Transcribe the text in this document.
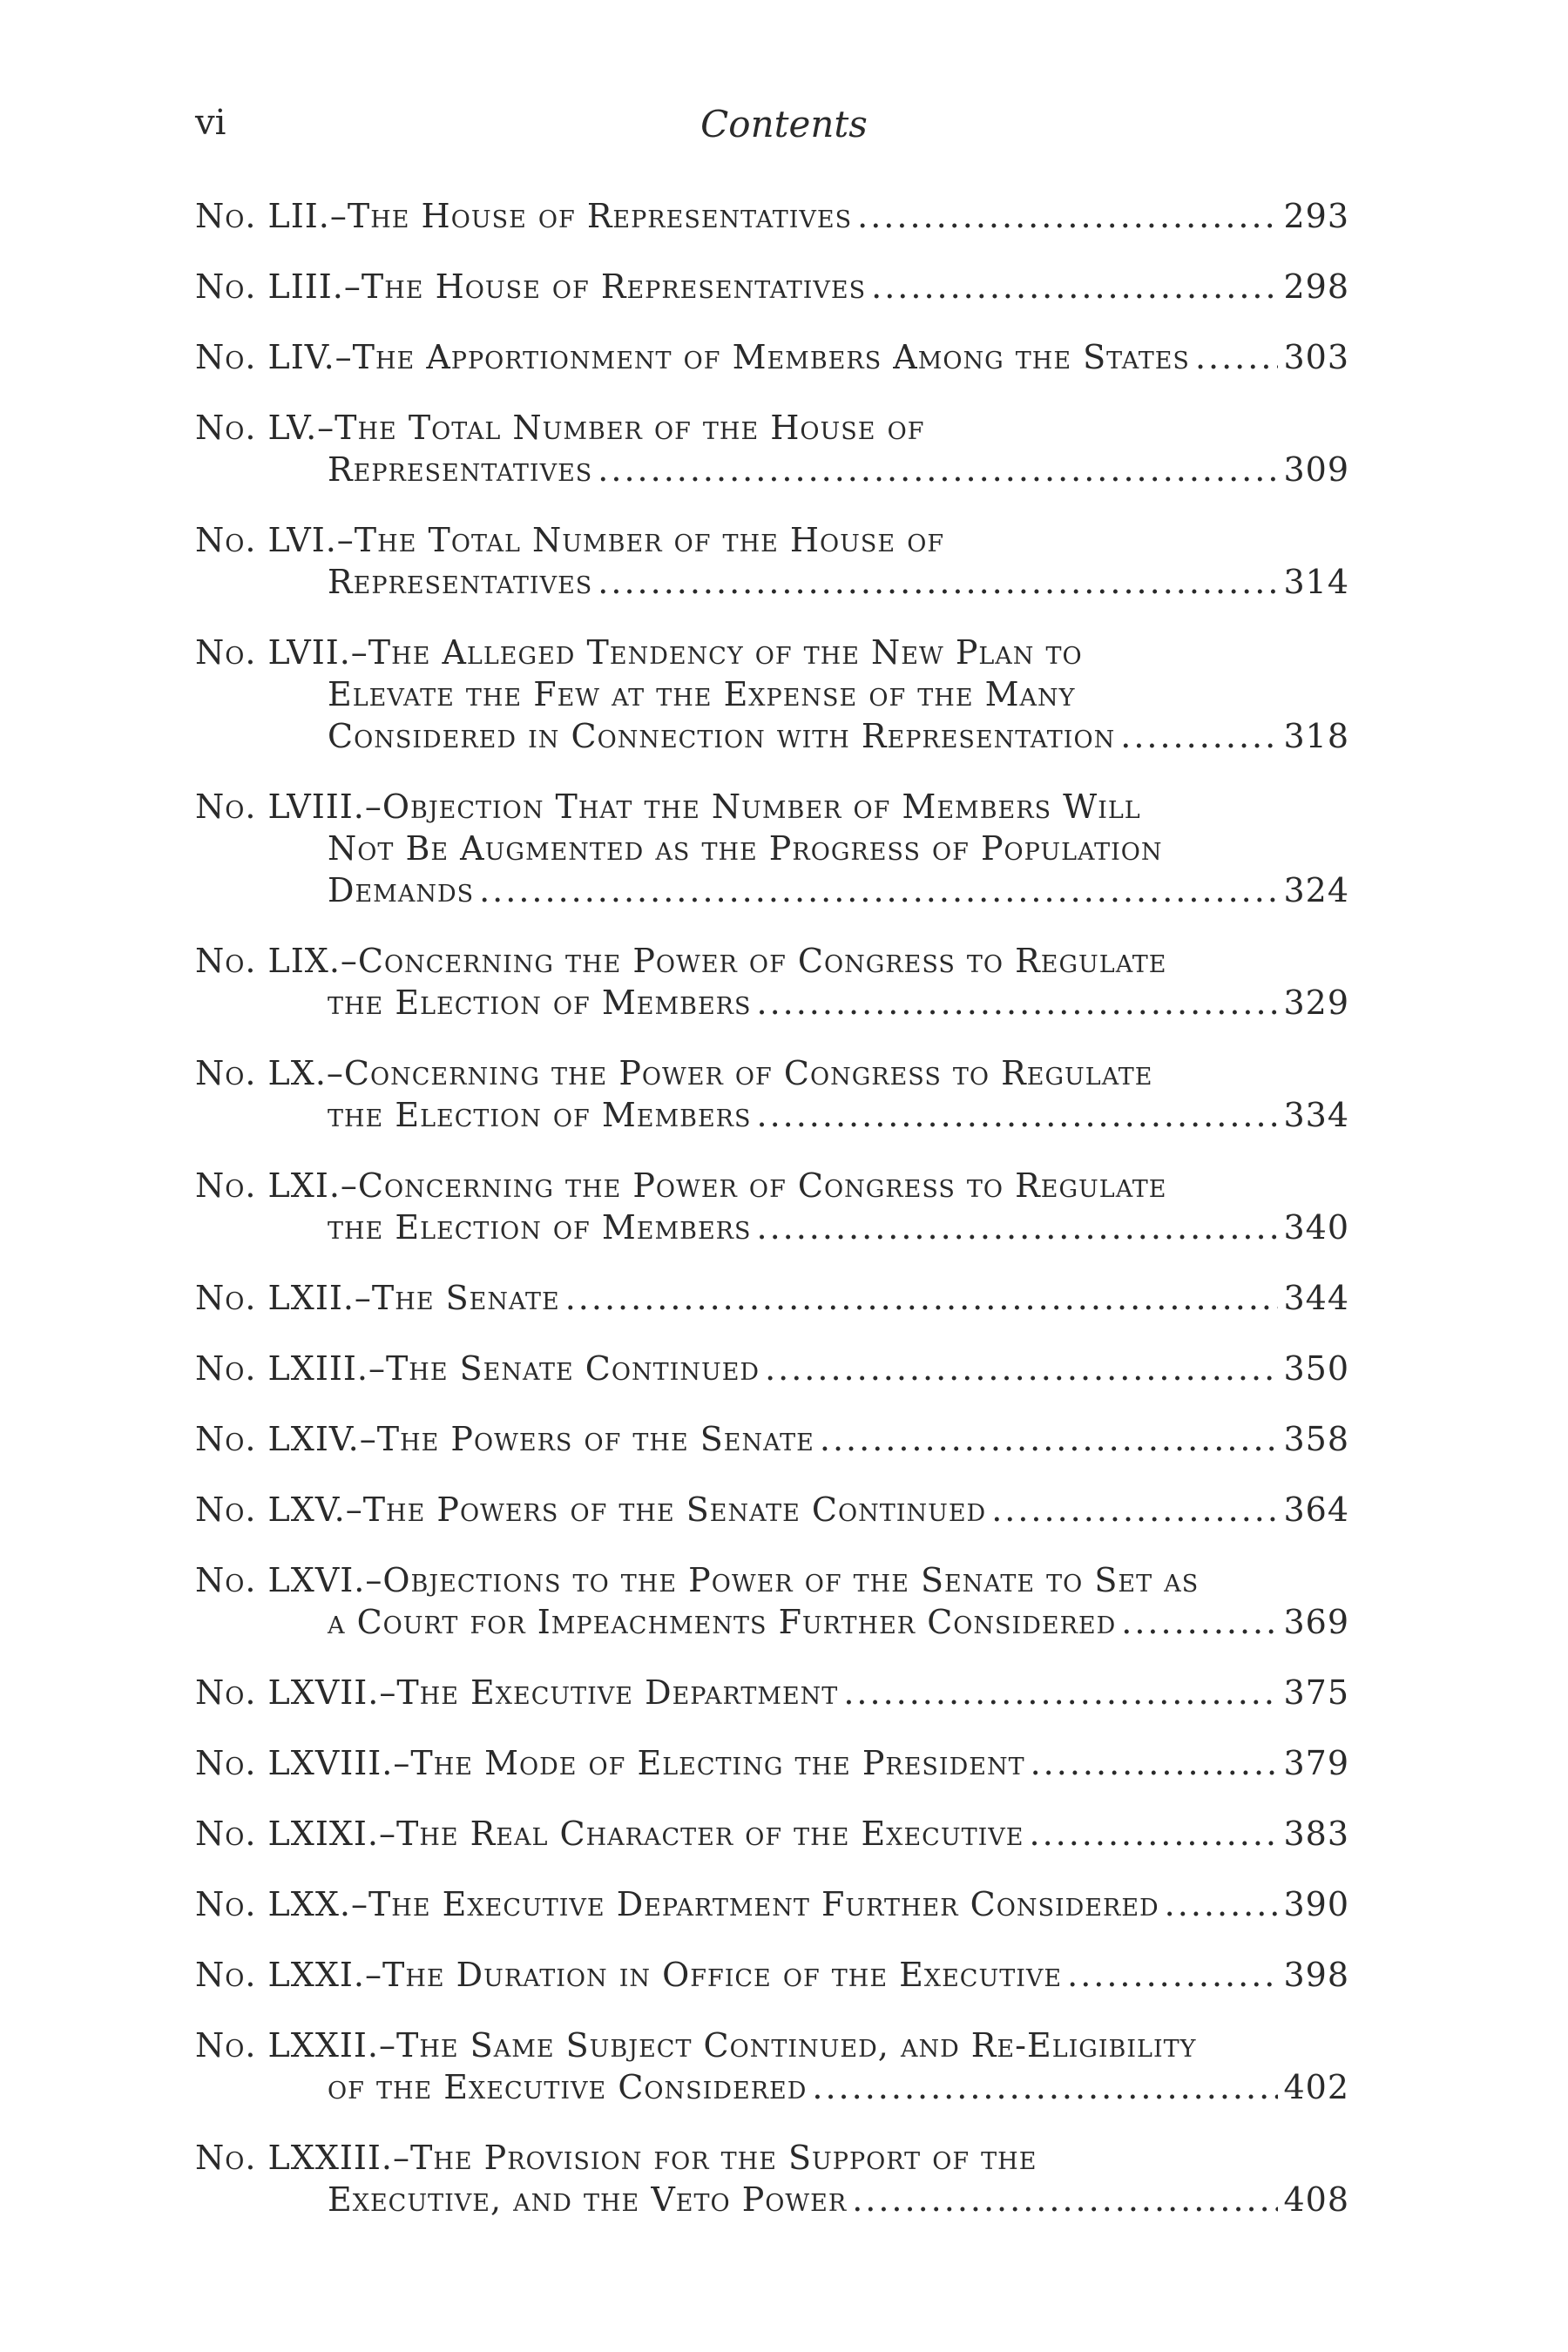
vi	Contents
No. LII.–The House of Representatives .....	293
No. LIII.–The House of Representatives .....	298
No. LIV.–The Apportionment of Members Among the States .....	303
No. LV.–The Total Number of the House of
Representatives .....	309
No. LVI.–The Total Number of the House of
Representatives .....	314
No. LVII.–The Alleged Tendency of the New Plan to
Elevate the Few at the Expense of the Many
Considered in Connection with Representation .....	318
No. LVIII.–Objection That the Number of Members Will
Not Be Augmented as the Progress of Population
Demands .....	324
No. LIX.–Concerning the Power of Congress to Regulate
the Election of Members .....	329
No. LX.–Concerning the Power of Congress to Regulate
the Election of Members .....	334
No. LXI.–Concerning the Power of Congress to Regulate
the Election of Members .....	340
No. LXII.–The Senate .....	344
No. LXIII.–The Senate Continued .....	350
No. LXIV.–The Powers of the Senate .....	358
No. LXV.–The Powers of the Senate Continued .....	364
No. LXVI.–Objections to the Power of the Senate to Set as
a Court for Impeachments Further Considered .....	369
No. LXVII.–The Executive Department .....	375
No. LXVIII.–The Mode of Electing the President .....	379
No. LXIXI.–The Real Character of the Executive .....	383
No. LXX.–The Executive Department Further Considered .....	390
No. LXXI.–The Duration in Office of the Executive .....	398
No. LXXII.–The Same Subject Continued, and Re-Eligibility
of the Executive Considered .....	402
No. LXXIII.–The Provision for the Support of the
Executive, and the Veto Power .....	408
